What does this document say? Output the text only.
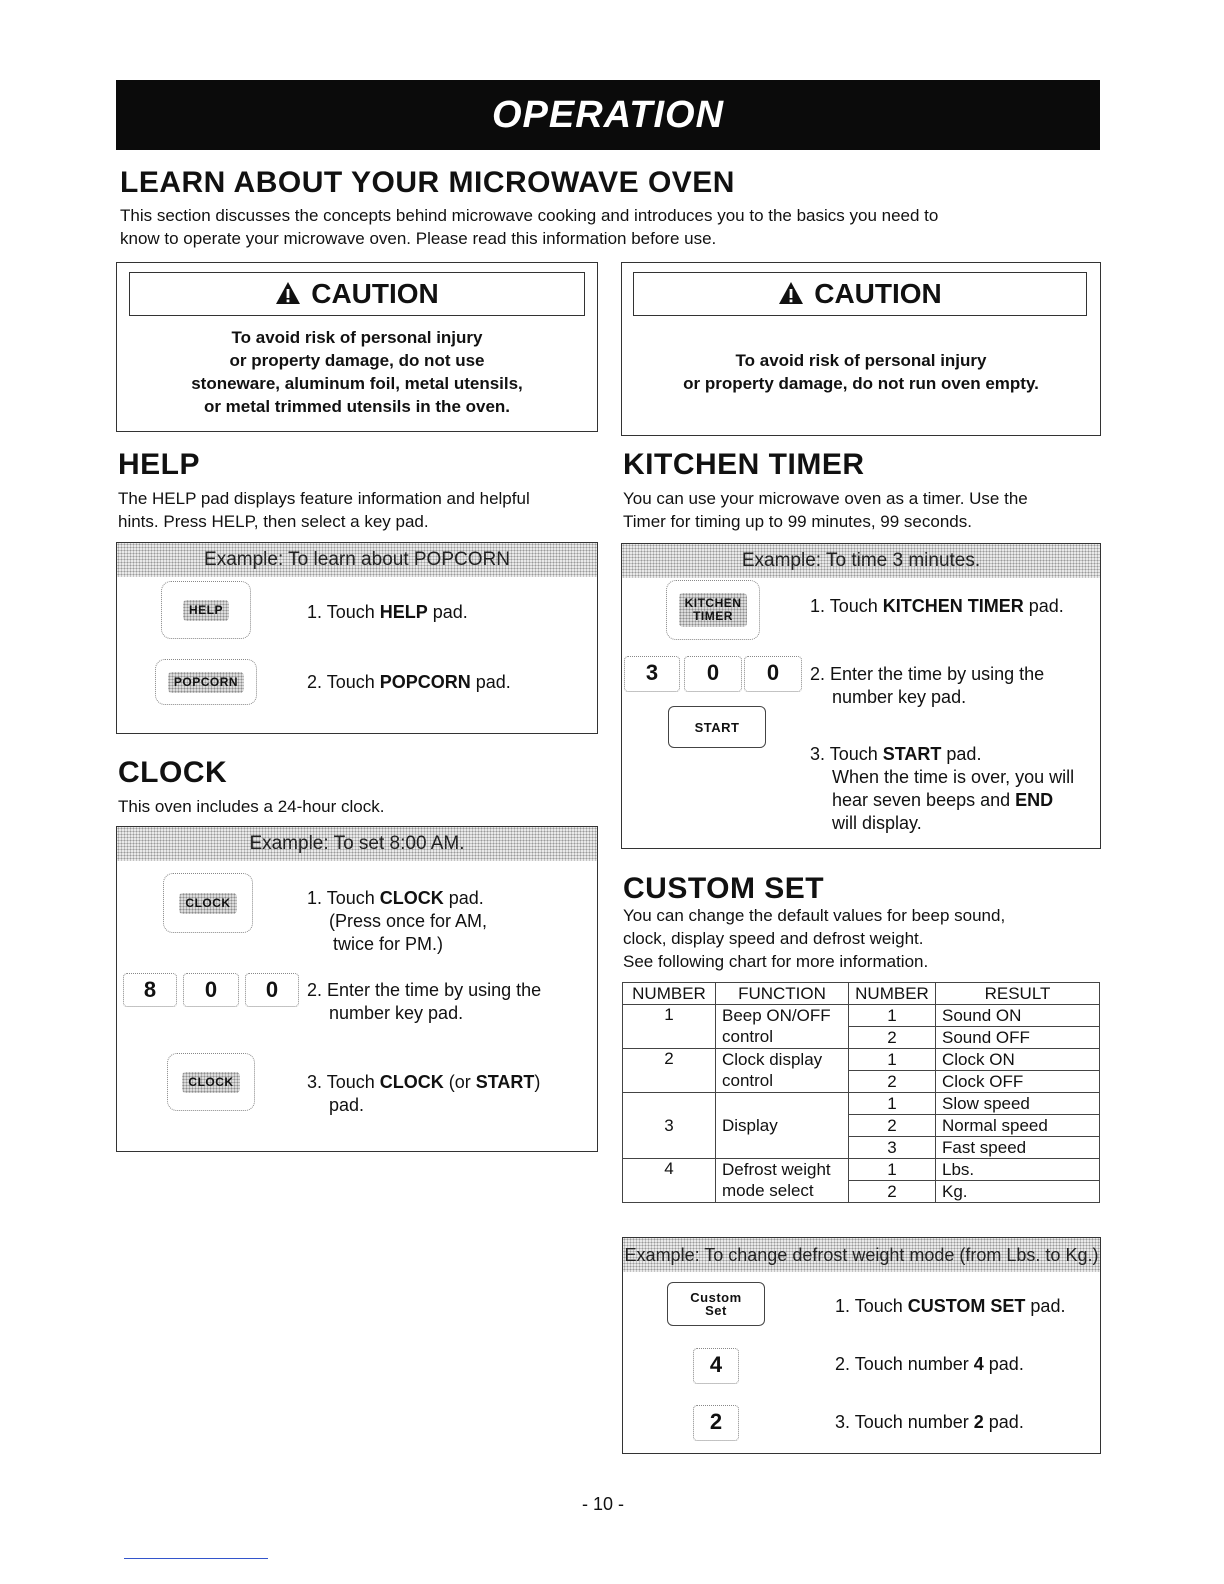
OPERATION
LEARN ABOUT YOUR MICROWAVE OVEN
This section discusses the concepts behind microwave cooking and introduces you to the basics you need to
know to operate your microwave oven. Please read this information before use.
CAUTION
To avoid risk of personal injury
or property damage, do not use
stoneware, aluminum foil, metal utensils,
or metal trimmed utensils in the oven.
CAUTION
To avoid risk of personal injury
or property damage, do not run oven empty.
HELP
The HELP pad displays feature information and helpful
hints. Press HELP, then select a key pad.
Example: To learn about POPCORN
HELP	1. Touch HELP pad.
POPCORN	2. Touch POPCORN pad.
CLOCK
This oven includes a 24-hour clock.
Example: To set 8:00 AM.
CLOCK	1. Touch CLOCK pad.
(Press once for AM,
twice for PM.)
8	0	0	2. Enter the time by using the
number key pad.
CLOCK	3. Touch CLOCK (or START)
pad.
KITCHEN TIMER
You can use your microwave oven as a timer. Use the
Timer for timing up to 99 minutes, 99 seconds.
Example: To time 3 minutes.
KITCHEN
TIMER	1. Touch KITCHEN TIMER pad.
3	0	0	2. Enter the time by using the
number key pad.
START
3. Touch START pad.
When the time is over, you will
hear seven beeps and END
will display.
CUSTOM SET
You can change the default values for beep sound,
clock, display speed and defrost weight.
See following chart for more information.
NUMBER	FUNCTION	NUMBER	RESULT
1	Beep ON/OFF	1	Sound ON
	control	2	Sound OFF
2	Clock display	1	Clock ON
	control	2	Clock OFF
3	Display	1	Slow speed
		2	Normal speed
		3	Fast speed
4	Defrost weight	1	Lbs.
	mode select	2	Kg.
Example: To change defrost weight mode (from Lbs. to Kg.)
Custom
Set	1. Touch CUSTOM SET pad.
4	2. Touch number 4 pad.
2	3. Touch number 2 pad.
- 10 -
